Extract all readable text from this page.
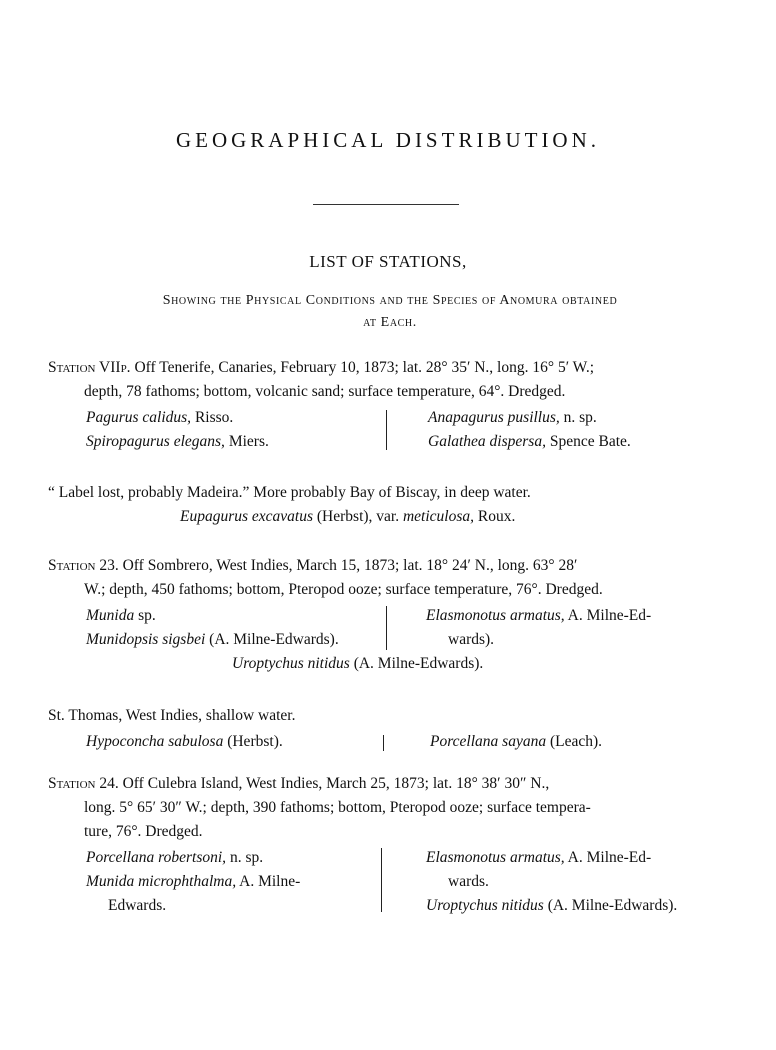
GEOGRAPHICAL DISTRIBUTION.
LIST OF STATIONS,
Showing the Physical Conditions and the Species of Anomura obtained
at Each.
Station VIIp. Off Tenerife, Canaries, February 10, 1873; lat. 28° 35′ N., long. 16° 5′ W.;
depth, 78 fathoms; bottom, volcanic sand; surface temperature, 64°. Dredged.
Pagurus calidus, Risso.
Spiropagurus elegans, Miers.
Anapagurus pusillus, n. sp.
Galathea dispersa, Spence Bate.
“ Label lost, probably Madeira.” More probably Bay of Biscay, in deep water.
Eupagurus excavatus (Herbst), var. meticulosa, Roux.
Station 23. Off Sombrero, West Indies, March 15, 1873; lat. 18° 24′ N., long. 63° 28′
W.; depth, 450 fathoms; bottom, Pteropod ooze; surface temperature, 76°. Dredged.
Munida sp.
Munidopsis sigsbei (A. Milne-Edwards).
Elasmonotus armatus, A. Milne-Ed-
wards).
Uroptychus nitidus (A. Milne-Edwards).
St. Thomas, West Indies, shallow water.
Hypoconcha sabulosa (Herbst).	Porcellana sayana (Leach).
Station 24. Off Culebra Island, West Indies, March 25, 1873; lat. 18° 38′ 30″ N.,
long. 5° 65′ 30″ W.; depth, 390 fathoms; bottom, Pteropod ooze; surface tempera-
ture, 76°. Dredged.
Porcellana robertsoni, n. sp.
Munida microphthalma, A. Milne-
Edwards.
Elasmonotus armatus, A. Milne-Ed-
wards.
Uroptychus nitidus (A. Milne-Edwards).
